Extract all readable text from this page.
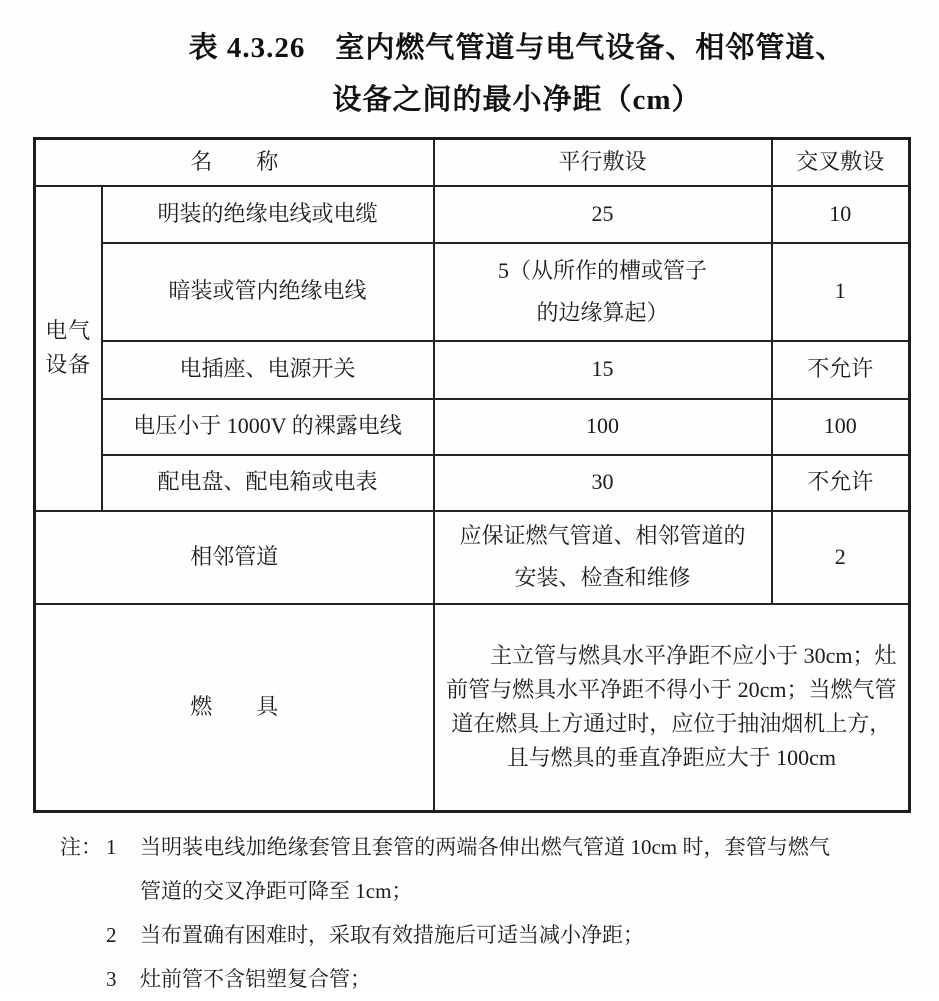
表 4.3.26　室内燃气管道与电气设备、相邻管道、
设备之间的最小净距（cm）
名　　称		平行敷设	交叉敷设

电气
设备	明装的绝缘电线或电缆	25	10
	暗装或管内绝缘电线	5（从所作的槽或管子
的边缘算起）	1
	电插座、电源开关	15	不允许
	电压小于 1000V 的裸露电线	100	100
	配电盘、配电箱或电表	30	不允许
相邻管道		应保证燃气管道、相邻管道的
安装、检查和维修	2
燃　　具		主立管与燃具水平净距不应小于 30cm；灶前管与燃具水平净距不得小于 20cm；当燃气管道在燃具上方通过时，应位于抽油烟机上方，且与燃具的垂直净距应大于 100cm	
注： 1	当明装电线加绝缘套管且套管的两端各伸出燃气管道 10cm 时，套管与燃气管道的交叉净距可降至 1cm；
2	当布置确有困难时，采取有效措施后可适当减小净距；
3	灶前管不含铝塑复合管；
